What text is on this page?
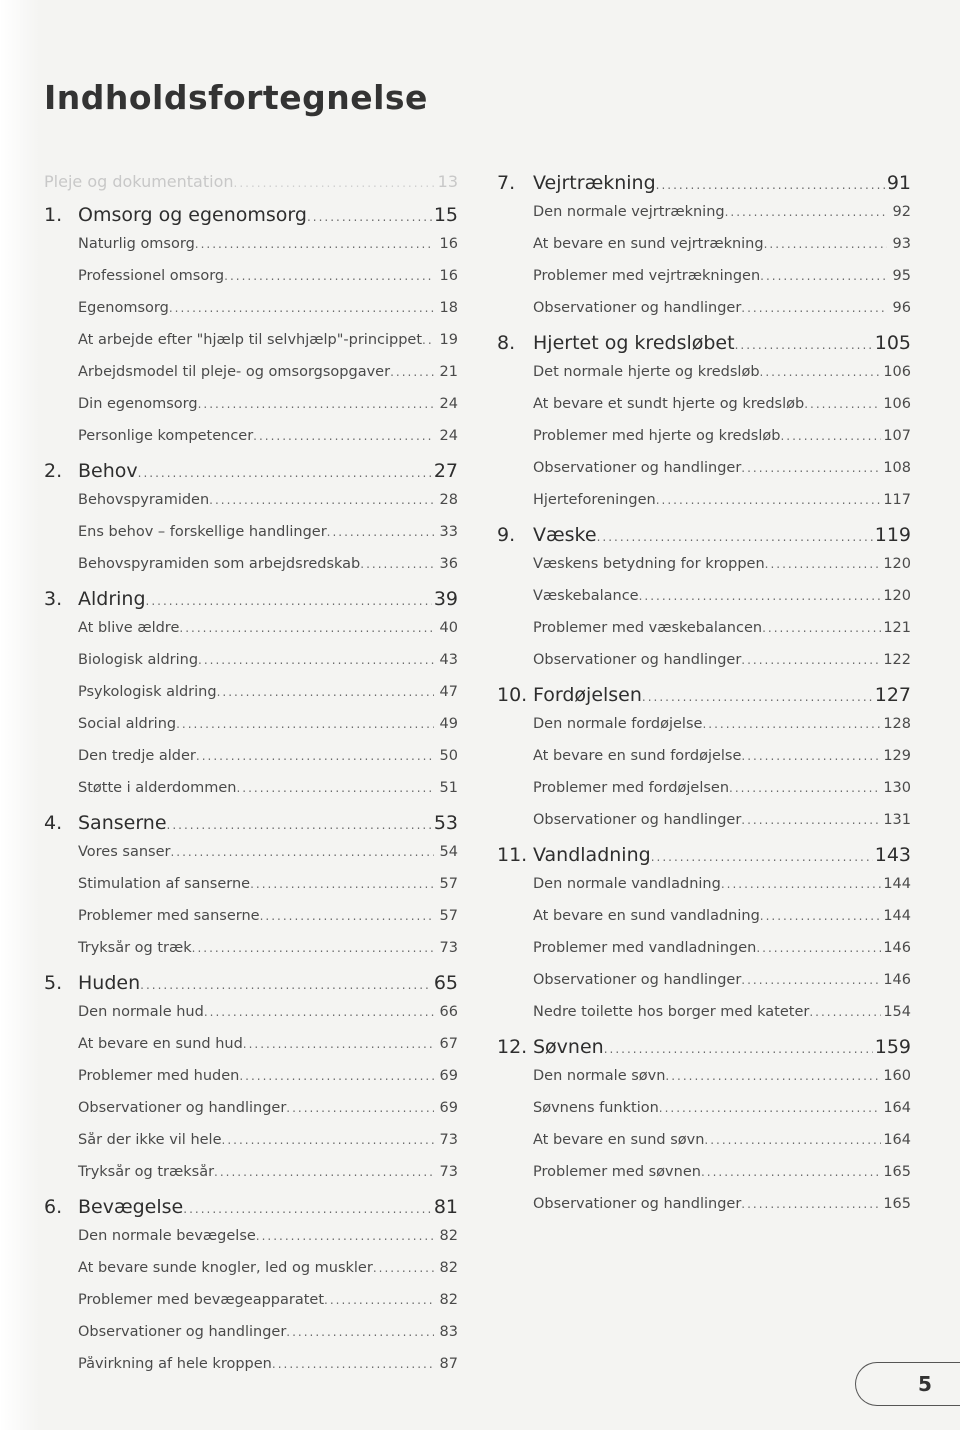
Indholdsfortegnelse
Pleje og dokumentation .....	13
1. Omsorg og egenomsorg .....	15
Naturlig omsorg .....	16
Professionel omsorg .....	16
Egenomsorg .....	18
At arbejde efter "hjælp til selvhjælp"-princippet .....	19
Arbejdsmodel til pleje- og omsorgsopgaver .....	21
Din egenomsorg .....	24
Personlige kompetencer .....	24
2. Behov .....	27
Behovspyramiden .....	28
Ens behov – forskellige handlinger .....	33
Behovspyramiden som arbejdsredskab .....	36
3. Aldring .....	39
At blive ældre .....	40
Biologisk aldring .....	43
Psykologisk aldring .....	47
Social aldring .....	49
Den tredje alder .....	50
Støtte i alderdommen .....	51
4. Sanserne .....	53
Vores sanser .....	54
Stimulation af sanserne .....	57
Problemer med sanserne .....	57
Tryksår og træk .....	73
5. Huden .....	65
Den normale hud .....	66
At bevare en sund hud .....	67
Problemer med huden .....	69
Observationer og handlinger .....	69
Sår der ikke vil hele .....	73
Tryksår og træksår .....	73
6. Bevægelse .....	81
Den normale bevægelse .....	82
At bevare sunde knogler, led og muskler .....	82
Problemer med bevægeapparatet .....	82
Observationer og handlinger .....	83
Påvirkning af hele kroppen .....	87
7. Vejrtrækning .....	91
Den normale vejrtrækning .....	92
At bevare en sund vejrtrækning .....	93
Problemer med vejrtrækningen .....	95
Observationer og handlinger .....	96
8. Hjertet og kredsløbet .....	105
Det normale hjerte og kredsløb .....	106
At bevare et sundt hjerte og kredsløb .....	106
Problemer med hjerte og kredsløb .....	107
Observationer og handlinger .....	108
Hjerteforeningen .....	117
9. Væske .....	119
Væskens betydning for kroppen .....	120
Væskebalance .....	120
Problemer med væskebalancen .....	121
Observationer og handlinger .....	122
10. Fordøjelsen .....	127
Den normale fordøjelse .....	128
At bevare en sund fordøjelse .....	129
Problemer med fordøjelsen .....	130
Observationer og handlinger .....	131
11. Vandladning .....	143
Den normale vandladning .....	144
At bevare en sund vandladning .....	144
Problemer med vandladningen .....	146
Observationer og handlinger .....	146
Nedre toilette hos borger med kateter .....	154
12. Søvnen .....	159
Den normale søvn .....	160
Søvnens funktion .....	164
At bevare en sund søvn .....	164
Problemer med søvnen .....	165
Observationer og handlinger .....	165
5
